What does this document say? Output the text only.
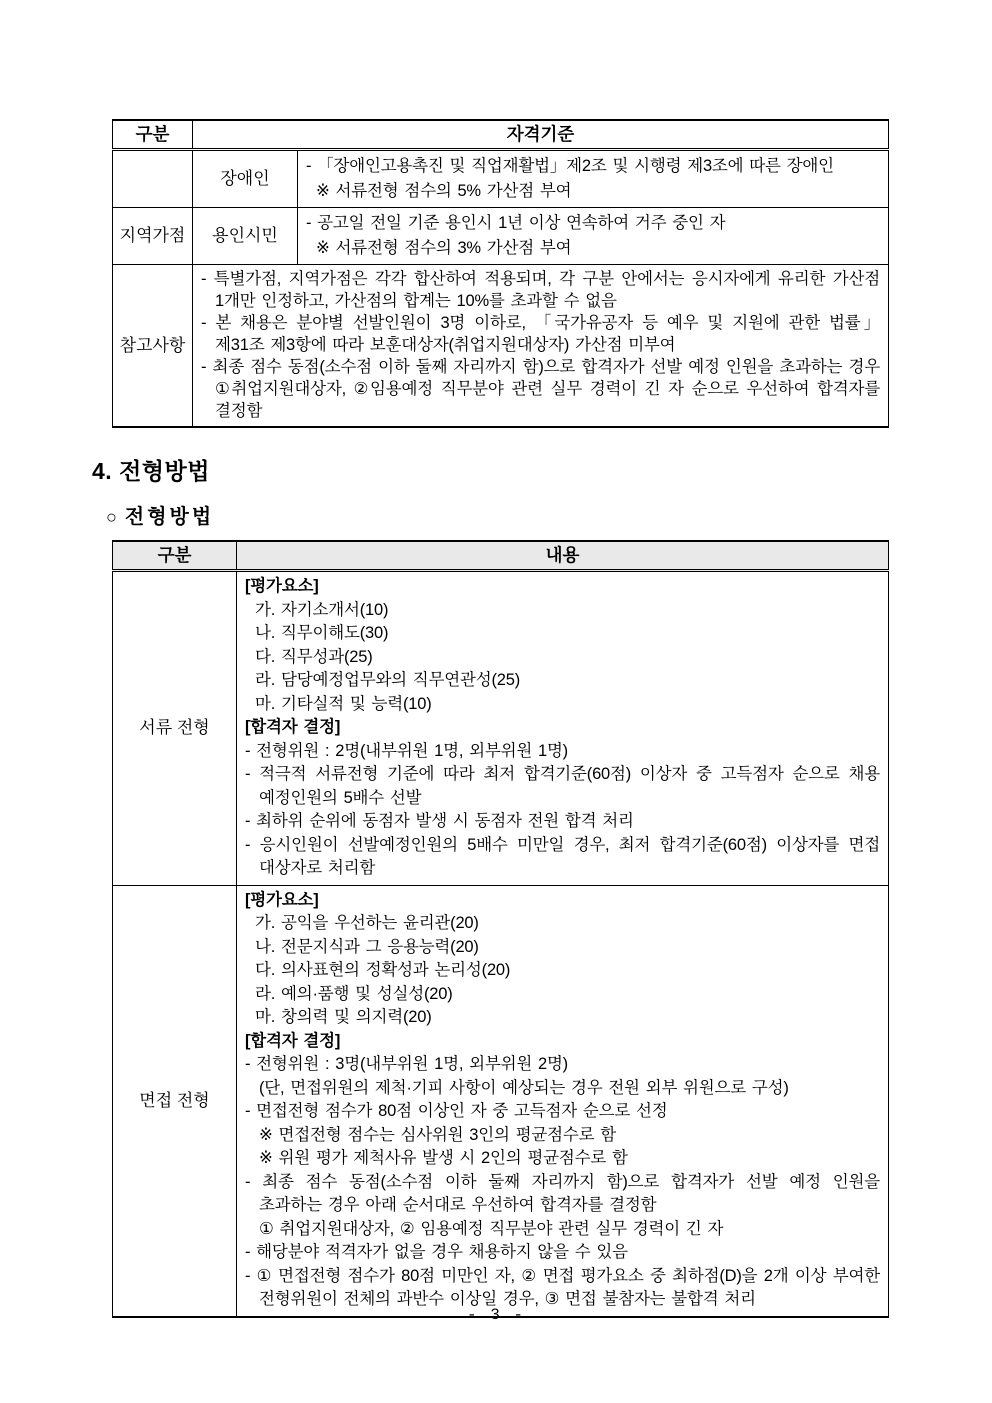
구분	자격기준	
	장애인	- 「장애인고용촉진 및 직업재활법」제2조 및 시행령 제3조에 따른 장애인
※ 서류전형 점수의 5% 가산점 부여

지역가점	용인시민	- 공고일 전일 기준 용인시 1년 이상 연속하여 거주 중인 자
※ 서류전형 점수의 3% 가산점 부여

참고사항	- 특별가점, 지역가점은 각각 합산하여 적용되며, 각 구분 안에서는 응시자에게 유리한 가산점 1개만 인정하고, 가산점의 합계는 10%를 초과할 수 없음
- 본 채용은 분야별 선발인원이 3명 이하로, 「국가유공자 등 예우 및 지원에 관한 법률」 제31조 제3항에 따라 보훈대상자(취업지원대상자) 가산점 미부여
- 최종 점수 동점(소수점 이하 둘째 자리까지 함)으로 합격자가 선발 예정 인원을 초과하는 경우 ①취업지원대상자, ②임용예정 직무분야 관련 실무 경력이 긴 자 순으로 우선하여 합격자를 결정함	
4. 전형방법
○ 전형방법
구분	내용
서류 전형	
[평가요소]
가. 자기소개서(10)
나. 직무이해도(30)
다. 직무성과(25)
라. 담당예정업무와의 직무연관성(25)
마. 기타실적 및 능력(10)
[합격자 결정]
- 전형위원 : 2명(내부위원 1명, 외부위원 1명)
- 적극적 서류전형 기준에 따라 최저 합격기준(60점) 이상자 중 고득점자 순으로 채용 예정인원의 5배수 선발
- 최하위 순위에 동점자 발생 시 동점자 전원 합격 처리
- 응시인원이 선발예정인원의 5배수 미만일 경우, 최저 합격기준(60점) 이상자를 면접 대상자로 처리함

면접 전형	
[평가요소]
가. 공익을 우선하는 윤리관(20)
나. 전문지식과 그 응용능력(20)
다. 의사표현의 정확성과 논리성(20)
라. 예의·품행 및 성실성(20)
마. 창의력 및 의지력(20)
[합격자 결정]
- 전형위원 : 3명(내부위원 1명, 외부위원 2명)
(단, 면접위원의 제척·기피 사항이 예상되는 경우 전원 외부 위원으로 구성)
- 면접전형 점수가 80점 이상인 자 중 고득점자 순으로 선정
※ 면접전형 점수는 심사위원 3인의 평균점수로 함
※ 위원 평가 제척사유 발생 시 2인의 평균점수로 함
- 최종 점수 동점(소수점 이하 둘째 자리까지 함)으로 합격자가 선발 예정 인원을 초과하는 경우 아래 순서대로 우선하여 합격자를 결정함
① 취업지원대상자, ② 임용예정 직무분야 관련 실무 경력이 긴 자
- 해당분야 적격자가 없을 경우 채용하지 않을 수 있음
- ① 면접전형 점수가 80점 미만인 자, ② 면접 평가요소 중 최하점(D)을 2개 이상 부여한 전형위원이 전체의 과반수 이상일 경우, ③ 면접 불참자는 불합격 처리
- 3 -
